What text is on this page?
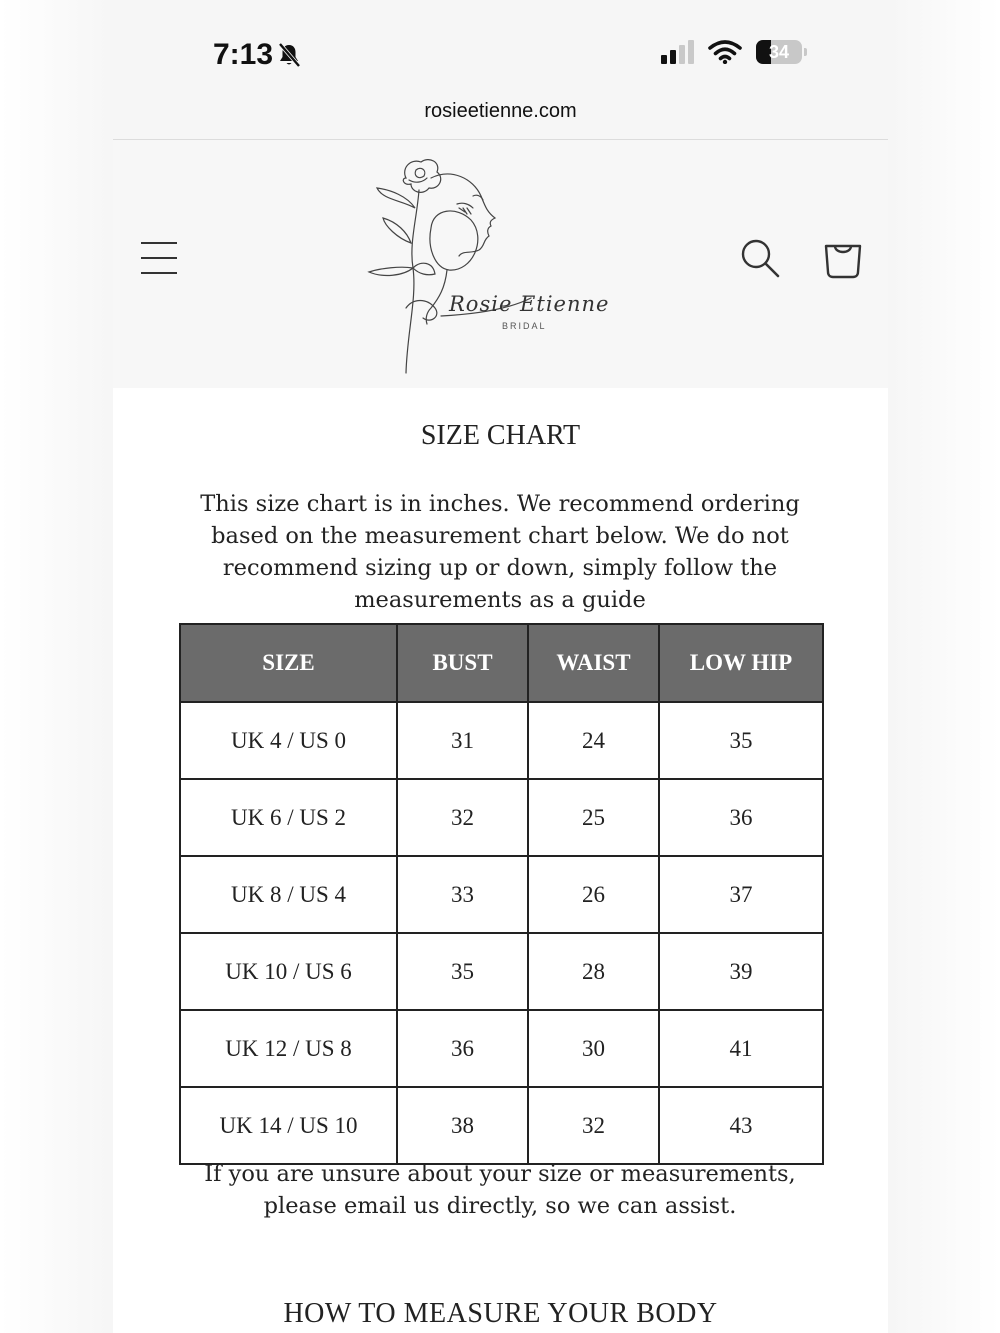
7:13	34
rosieetienne.com
Rosie Etienne
BRIDAL
SIZE CHART
This size chart is in inches. We recommend ordering based on the measurement chart below. We do not recommend sizing up or down, simply follow the measurements as a guide
SIZE	BUST	WAIST	LOW HIP
UK 4 / US 0	31	24	35
UK 6 / US 2	32	25	36
UK 8 / US 4	33	26	37
UK 10 / US 6	35	28	39
UK 12 / US 8	36	30	41
UK 14 / US 10	38	32	43
If you are unsure about your size or measurements, please email us directly, so we can assist.
HOW TO MEASURE YOUR BODY
